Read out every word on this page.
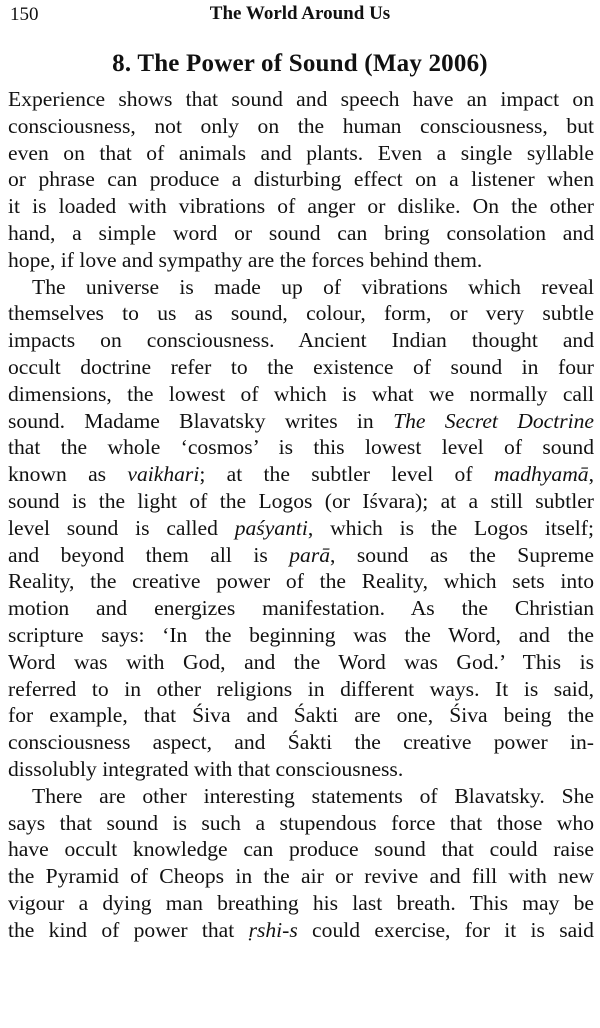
150	The World Around Us
8. The Power of Sound (May 2006)
Experience shows that sound and speech have an impact on
consciousness, not only on the human consciousness, but
even on that of animals and plants. Even a single syllable
or phrase can produce a disturbing effect on a listener when
it is loaded with vibrations of anger or dislike. On the other
hand, a simple word or sound can bring consolation and
hope, if love and sympathy are the forces behind them.
The universe is made up of vibrations which reveal
themselves to us as sound, colour, form, or very subtle
impacts on consciousness. Ancient Indian thought and
occult doctrine refer to the existence of sound in four
dimensions, the lowest of which is what we normally call
sound. Madame Blavatsky writes in The Secret Doctrine
that the whole ‘cosmos’ is this lowest level of sound
known as vaikhari; at the subtler level of madhyamā,
sound is the light of the Logos (or Iśvara); at a still subtler
level sound is called paśyanti, which is the Logos itself;
and beyond them all is parā, sound as the Supreme
Reality, the creative power of the Reality, which sets into
motion and energizes manifestation. As the Christian
scripture says: ‘In the beginning was the Word, and the
Word was with God, and the Word was God.’ This is
referred to in other religions in different ways. It is said,
for example, that Śiva and Śakti are one, Śiva being the
consciousness aspect, and Śakti the creative power in-
dissolubly integrated with that consciousness.
There are other interesting statements of Blavatsky. She
says that sound is such a stupendous force that those who
have occult knowledge can produce sound that could raise
the Pyramid of Cheops in the air or revive and fill with new
vigour a dying man breathing his last breath. This may be
the kind of power that ṛshi-s could exercise, for it is said
